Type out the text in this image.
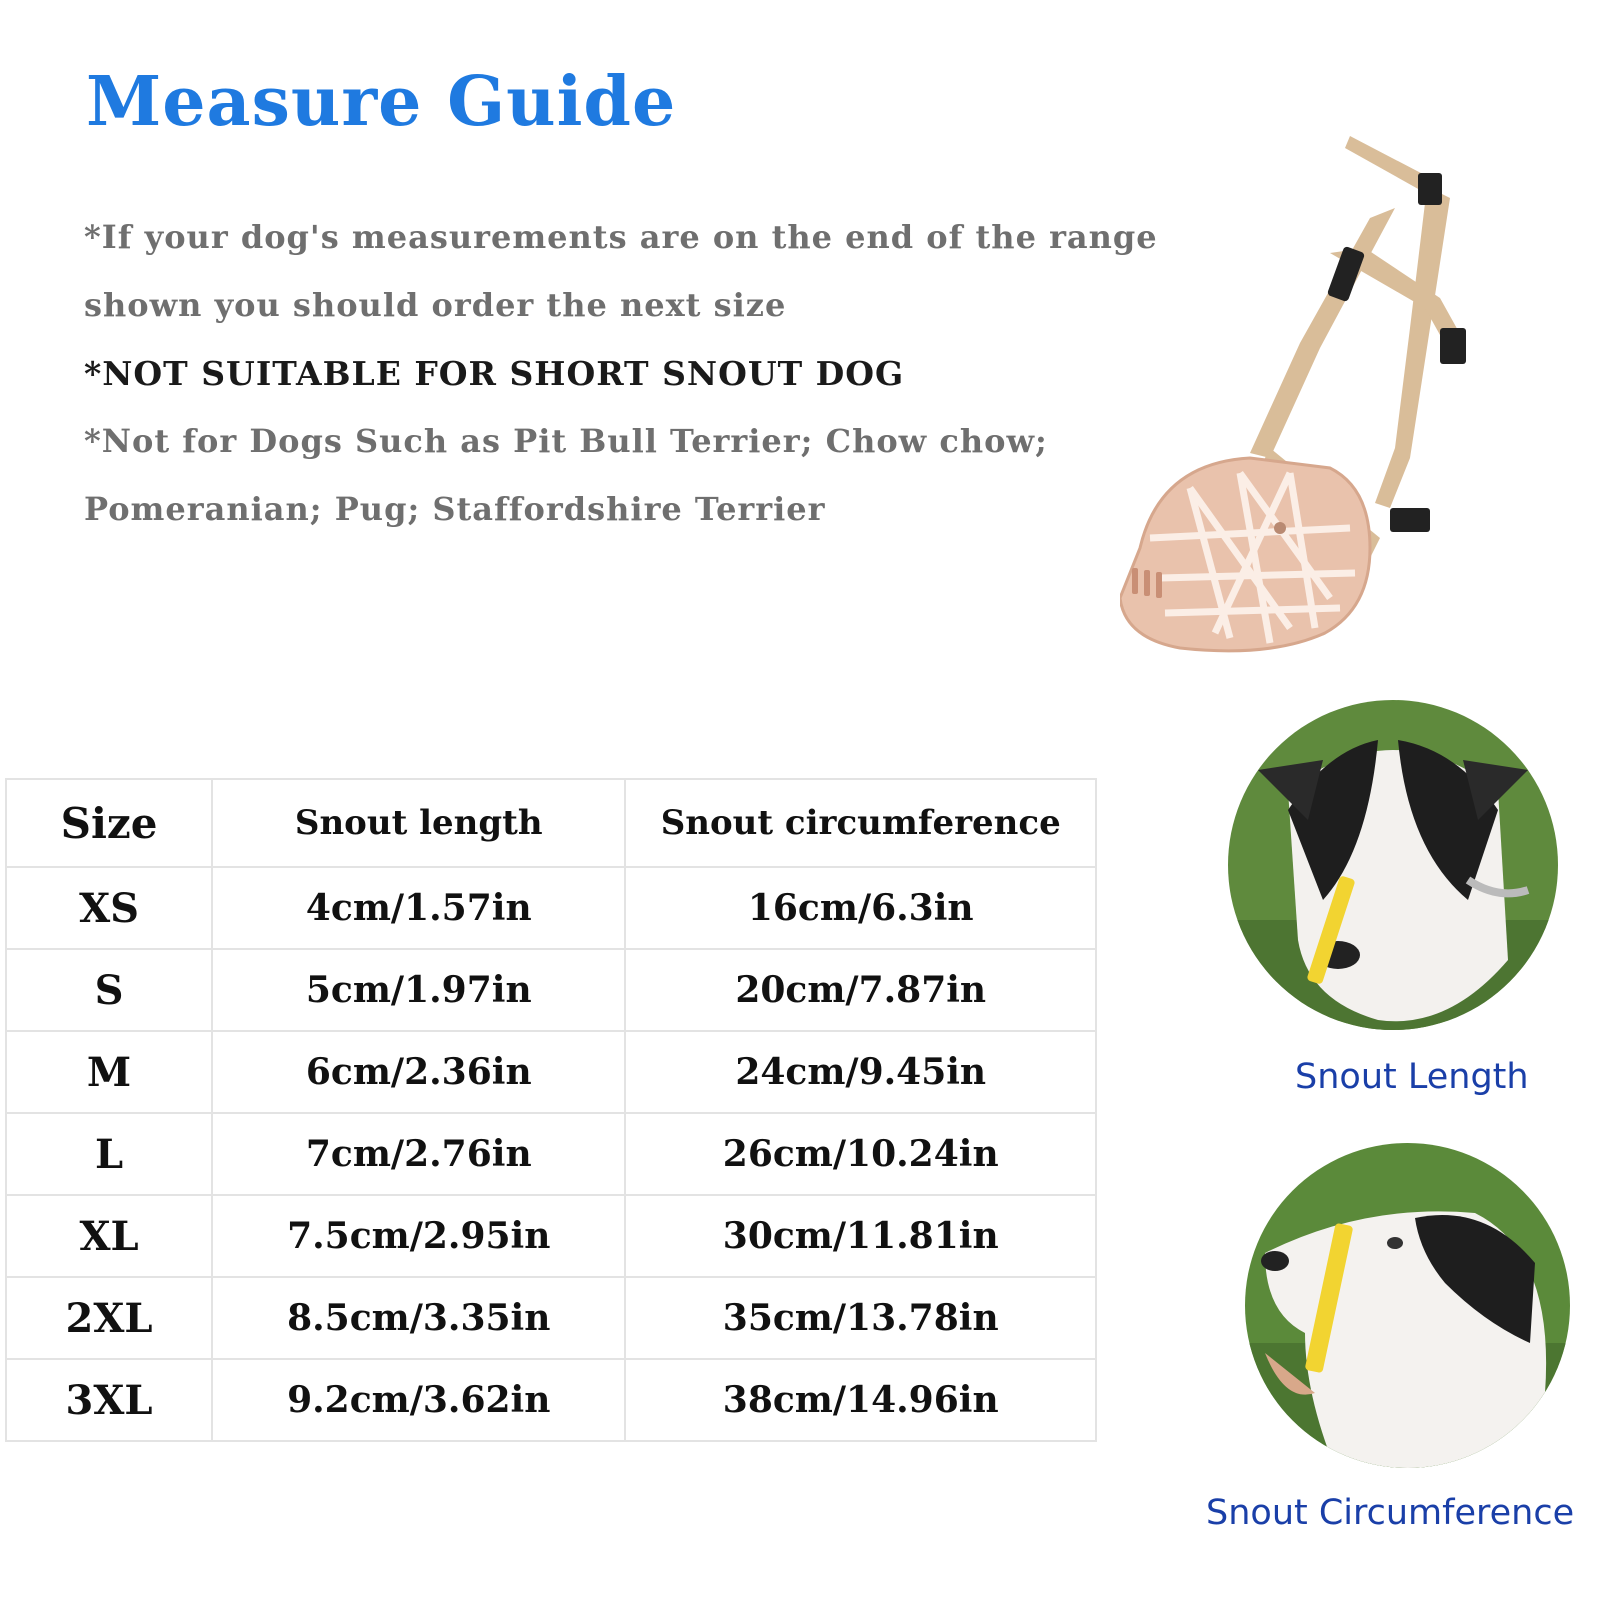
Measure Guide
*If your dog's measurements are on the end of the range
shown you should order the next size
*NOT SUITABLE FOR SHORT SNOUT DOG
*Not for Dogs Such as Pit Bull Terrier; Chow chow;
Pomeranian; Pug; Staffordshire Terrier
Size	Snout length	Snout circumference
XS	4cm/1.57in	16cm/6.3in
S	5cm/1.97in	20cm/7.87in
M	6cm/2.36in	24cm/9.45in
L	7cm/2.76in	26cm/10.24in
XL	7.5cm/2.95in	30cm/11.81in
2XL	8.5cm/3.35in	35cm/13.78in
3XL	9.2cm/3.62in	38cm/14.96in
Snout Length
Snout Circumference
